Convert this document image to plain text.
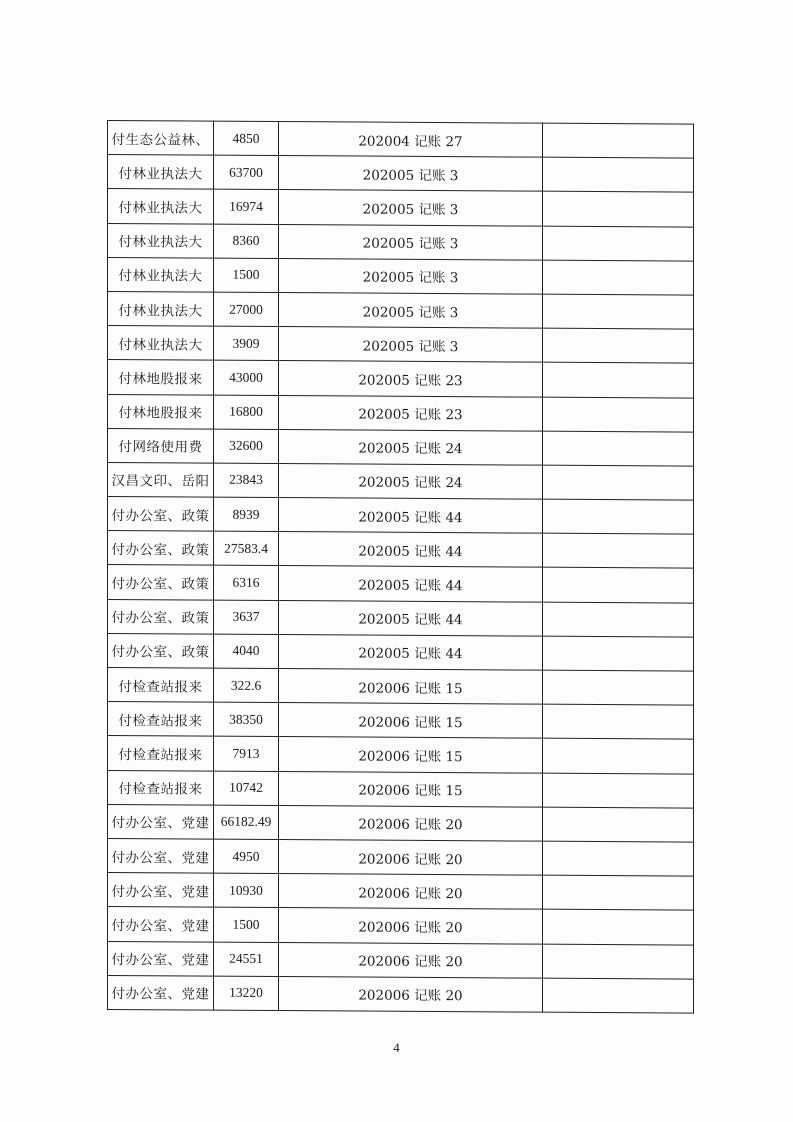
付生态公益林、	4850	202004 记账 27	
付林业执法大	63700	202005 记账 3	
付林业执法大	16974	202005 记账 3	
付林业执法大	8360	202005 记账 3	
付林业执法大	1500	202005 记账 3	
付林业执法大	27000	202005 记账 3	
付林业执法大	3909	202005 记账 3	
付林地股报来	43000	202005 记账 23	
付林地股报来	16800	202005 记账 23	
付网络使用费	32600	202005 记账 24	
汉昌文印、岳阳	23843	202005 记账 24	
付办公室、政策	8939	202005 记账 44	
付办公室、政策	27583.4	202005 记账 44	
付办公室、政策	6316	202005 记账 44	
付办公室、政策	3637	202005 记账 44	
付办公室、政策	4040	202005 记账 44	
付检查站报来	322.6	202006 记账 15	
付检查站报来	38350	202006 记账 15	
付检查站报来	7913	202006 记账 15	
付检查站报来	10742	202006 记账 15	
付办公室、党建	66182.49	202006 记账 20	
付办公室、党建	4950	202006 记账 20	
付办公室、党建	10930	202006 记账 20	
付办公室、党建	1500	202006 记账 20	
付办公室、党建	24551	202006 记账 20	
付办公室、党建	13220	202006 记账 20	
4
